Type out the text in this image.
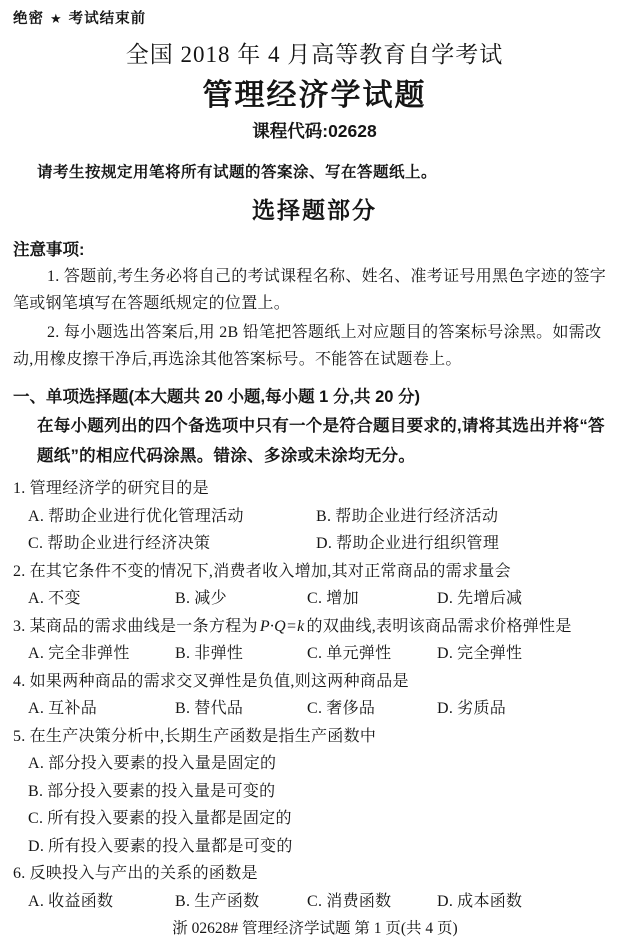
绝密 ★ 考试结束前
全国 2018 年 4 月高等教育自学考试
管理经济学试题
课程代码:02628
请考生按规定用笔将所有试题的答案涂、写在答题纸上。
选择题部分
注意事项:

1. 答题前,考生务必将自己的考试课程名称、姓名、准考证号用黑色字迹的签字笔或钢笔填写在答题纸规定的位置上。

2. 每小题选出答案后,用 2B 铅笔把答题纸上对应题目的答案标号涂黑。如需改动,用橡皮擦干净后,再选涂其他答案标号。不能答在试题卷上。

一、单项选择题(本大题共 20 小题,每小题 1 分,共 20 分)
在每小题列出的四个备选项中只有一个是符合题目要求的,请将其选出并将“答题纸”的相应代码涂黑。错涂、多涂或未涂均无分。
1. 管理经济学的研究目的是
A. 帮助企业进行优化管理活动	B. 帮助企业进行经济活动
C. 帮助企业进行经济决策	D. 帮助企业进行组织管理
2. 在其它条件不变的情况下,消费者收入增加,其对正常商品的需求量会
A. 不变	B. 减少	C. 增加	D. 先增后减
3. 某商品的需求曲线是一条方程为 P·Q=k 的双曲线,表明该商品需求价格弹性是
A. 完全非弹性	B. 非弹性	C. 单元弹性	D. 完全弹性
4. 如果两种商品的需求交叉弹性是负值,则这两种商品是
A. 互补品	B. 替代品	C. 奢侈品	D. 劣质品
5. 在生产决策分析中,长期生产函数是指生产函数中
A. 部分投入要素的投入量是固定的
B. 部分投入要素的投入量是可变的
C. 所有投入要素的投入量都是固定的
D. 所有投入要素的投入量都是可变的
6. 反映投入与产出的关系的函数是
A. 收益函数	B. 生产函数	C. 消费函数	D. 成本函数
浙 02628# 管理经济学试题 第 1 页(共 4 页)
